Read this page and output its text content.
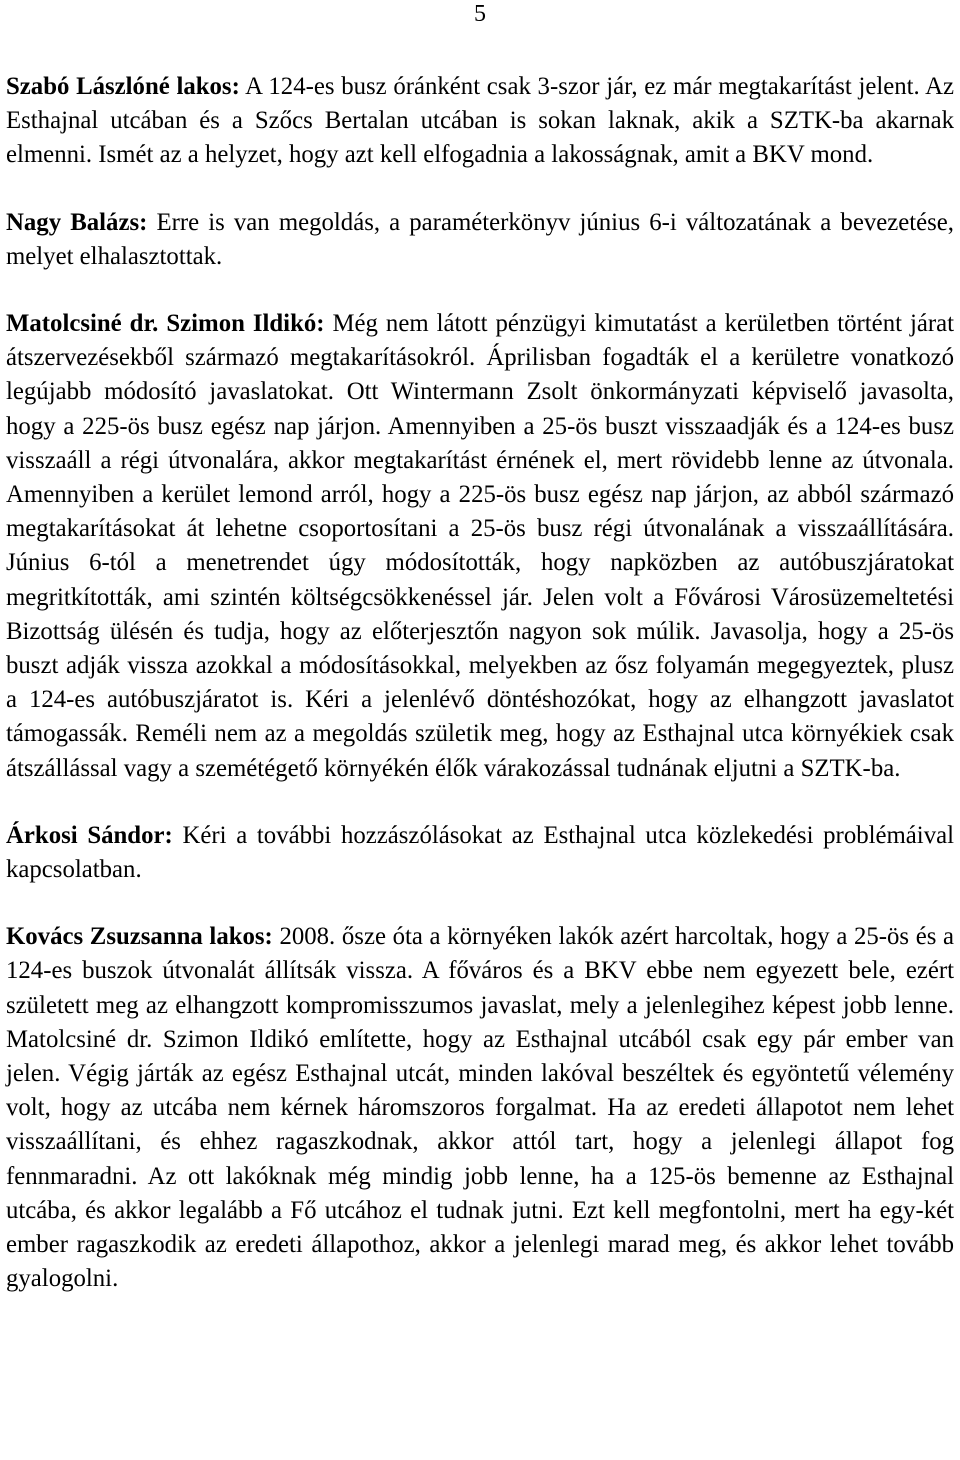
5

Szabó Lászlóné lakos: A 124-es busz óránként csak 3-szor jár, ez már megtakarítást jelent. Az Esthajnal utcában és a Szőcs Bertalan utcában is sokan laknak, akik a SZTK-ba akarnak elmenni. Ismét az a helyzet, hogy azt kell elfogadnia a lakosságnak, amit a BKV mond.

Nagy Balázs: Erre is van megoldás, a paraméterkönyv június 6-i változatának a bevezetése, melyet elhalasztottak.

Matolcsiné dr. Szimon Ildikó: Még nem látott pénzügyi kimutatást a kerületben történt járat átszervezésekből származó megtakarításokról. Áprilisban fogadták el a kerületre vonatkozó legújabb módosító javaslatokat. Ott Wintermann Zsolt önkormányzati képviselő javasolta, hogy a 225-ös busz egész nap járjon. Amennyiben a 25-ös buszt visszaadják és a 124-es busz visszaáll a régi útvonalára, akkor megtakarítást érnének el, mert rövidebb lenne az útvonala. Amennyiben a kerület lemond arról, hogy a 225-ös busz egész nap járjon, az abból származó megtakarításokat át lehetne csoportosítani a 25-ös busz régi útvonalának a visszaállítására. Június 6-tól a menetrendet úgy módosították, hogy napközben az autóbuszjáratokat megritkították, ami szintén költségcsökkenéssel jár. Jelen volt a Fővárosi Városüzemeltetési Bizottság ülésén és tudja, hogy az előterjesztőn nagyon sok múlik. Javasolja, hogy a 25-ös buszt adják vissza azokkal a módosításokkal, melyekben az ősz folyamán megegyeztek, plusz a 124-es autóbuszjáratot is. Kéri a jelenlévő döntéshozókat, hogy az elhangzott javaslatot támogassák. Reméli nem az a megoldás születik meg, hogy az Esthajnal utca környékiek csak átszállással vagy a szemétégető környékén élők várakozással tudnának eljutni a SZTK-ba.

Árkosi Sándor: Kéri a további hozzászólásokat az Esthajnal utca közlekedési problémáival kapcsolatban.

Kovács Zsuzsanna lakos: 2008. ősze óta a környéken lakók azért harcoltak, hogy a 25-ös és a 124-es buszok útvonalát állítsák vissza. A főváros és a BKV ebbe nem egyezett bele, ezért született meg az elhangzott kompromisszumos javaslat, mely a jelenlegihez képest jobb lenne. Matolcsiné dr. Szimon Ildikó említette, hogy az Esthajnal utcából csak egy pár ember van jelen. Végig járták az egész Esthajnal utcát, minden lakóval beszéltek és egyöntetű vélemény volt, hogy az utcába nem kérnek háromszoros forgalmat. Ha az eredeti állapotot nem lehet visszaállítani, és ehhez ragaszkodnak, akkor attól tart, hogy a jelenlegi állapot fog fennmaradni. Az ott lakóknak még mindig jobb lenne, ha a 125-ös bemenne az Esthajnal utcába, és akkor legalább a Fő utcához el tudnak jutni. Ezt kell megfontolni, mert ha egy-két ember ragaszkodik az eredeti állapothoz, akkor a jelenlegi marad meg, és akkor lehet tovább gyalogolni.
